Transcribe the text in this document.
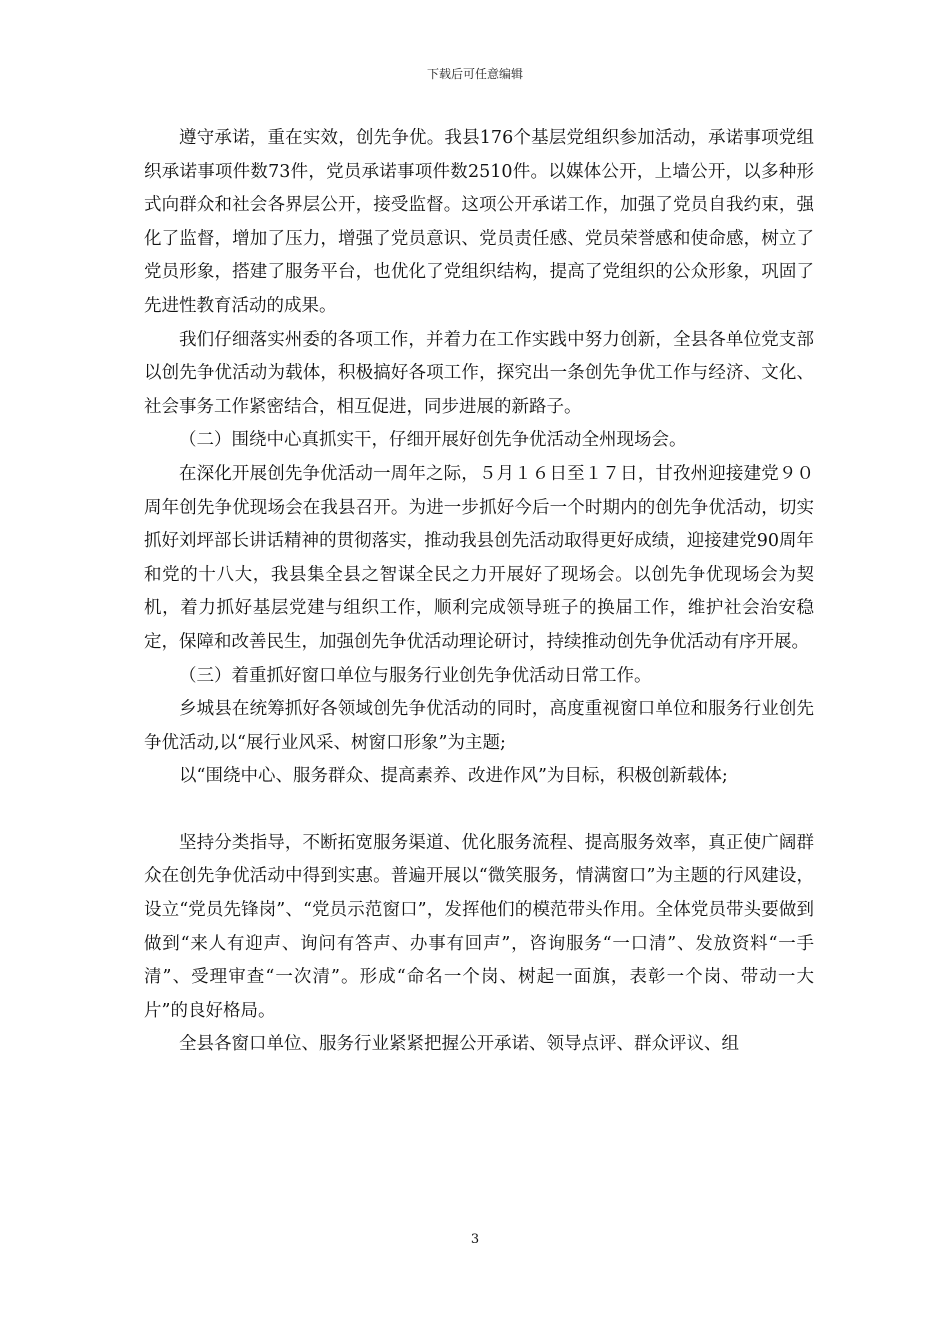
下载后可任意编辑

遵守承诺，重在实效，创先争优。我县176个基层党组织参加活动，承诺事项党组织承诺事项件数73件，党员承诺事项件数2510件。以媒体公开，上墙公开，以多种形式向群众和社会各界层公开，接受监督。这项公开承诺工作，加强了党员自我约束，强化了监督，增加了压力，增强了党员意识、党员责任感、党员荣誉感和使命感，树立了党员形象，搭建了服务平台，也优化了党组织结构，提高了党组织的公众形象，巩固了先进性教育活动的成果。

我们仔细落实州委的各项工作，并着力在工作实践中努力创新，全县各单位党支部以创先争优活动为载体，积极搞好各项工作，探究出一条创先争优工作与经济、文化、社会事务工作紧密结合，相互促进，同步进展的新路子。

（二）围绕中心真抓实干，仔细开展好创先争优活动全州现场会。

在深化开展创先争优活动一周年之际，５月１６日至１７日，甘孜州迎接建党９０周年创先争优现场会在我县召开。为进一步抓好今后一个时期内的创先争优活动，切实抓好刘坪部长讲话精神的贯彻落实，推动我县创先活动取得更好成绩，迎接建党90周年和党的十八大，我县集全县之智谋全民之力开展好了现场会。以创先争优现场会为契机，着力抓好基层党建与组织工作，顺利完成领导班子的换届工作，维护社会治安稳定，保障和改善民生，加强创先争优活动理论研讨，持续推动创先争优活动有序开展。

（三）着重抓好窗口单位与服务行业创先争优活动日常工作。

乡城县在统筹抓好各领域创先争优活动的同时，高度重视窗口单位和服务行业创先争优活动,以“展行业风采、树窗口形象”为主题;

以“围绕中心、服务群众、提高素养、改进作风”为目标，积极创新载体;

坚持分类指导，不断拓宽服务渠道、优化服务流程、提高服务效率，真正使广阔群众在创先争优活动中得到实惠。普遍开展以“微笑服务，情满窗口”为主题的行风建设，设立“党员先锋岗”、“党员示范窗口”，发挥他们的模范带头作用。全体党员带头要做到做到“来人有迎声、询问有答声、办事有回声”，咨询服务“一口清”、发放资料“一手清”、受理审查“一次清”。形成“命名一个岗、树起一面旗，表彰一个岗、带动一大片”的良好格局。

全县各窗口单位、服务行业紧紧把握公开承诺、领导点评、群众评议、组

3
